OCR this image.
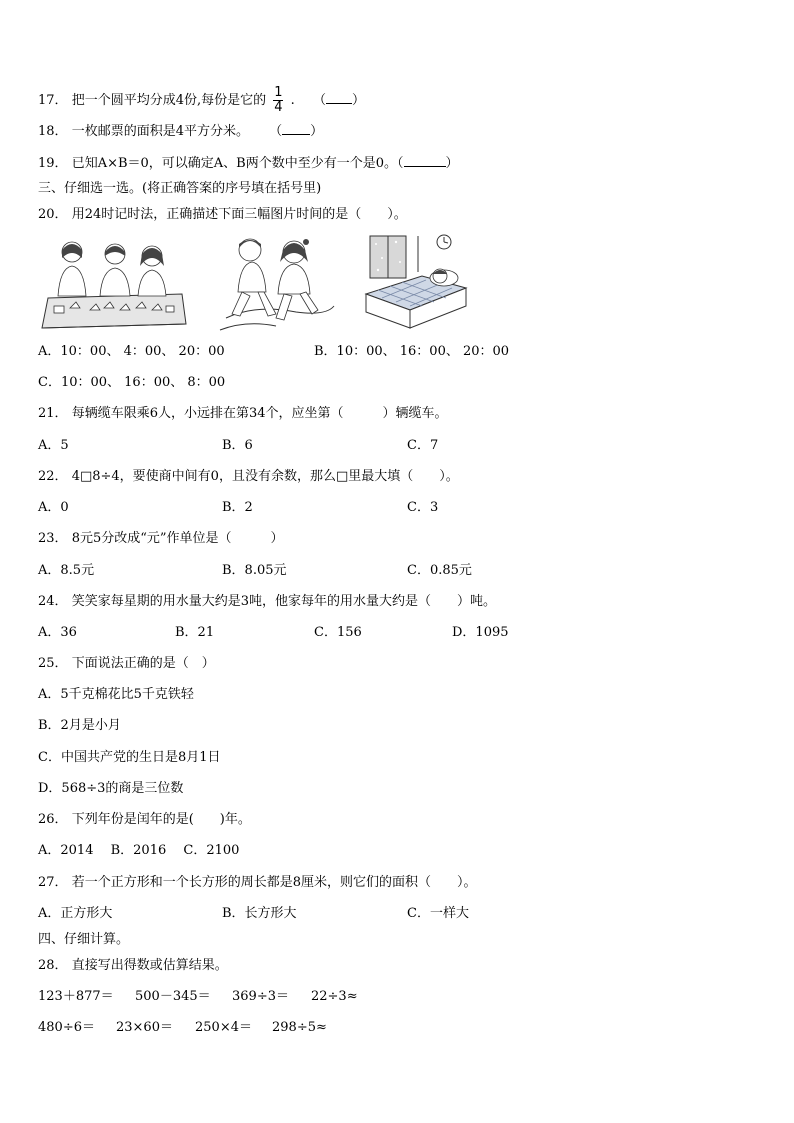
17． 把一个圆平均分成4份,每份是它的 $\frac{1}{4}$ . （ ）
18． 一枚邮票的面积是4平方分米。 （ ）
19． 已知A×B＝0，可以确定A、B两个数中至少有一个是0。（	）
三、仔细选一选。(将正确答案的序号填在括号里)
20． 用24时记时法，正确描述下面三幅图片时间的是（　　）。
A．10：00、 4：00、 20：00	B．10：00、 16：00、 20：00
C．10：00、 16：00、 8：00
21． 每辆缆车限乘6人，小远排在第34个，应坐第（　　　）辆缆车。
A．5	B．6	C．7
22． 4□8÷4，要使商中间有0，且没有余数，那么□里最大填（　　）。
A．0	B．2	C．3
23． 8元5分改成“元”作单位是（　　　）
A．8.5元	B．8.05元	C．0.85元
24． 笑笑家每星期的用水量大约是3吨，他家每年的用水量大约是（　　）吨。
A．36	B．21	C．156	D．1095
25． 下面说法正确的是（　）
A．5千克棉花比5千克铁轻
B．2月是小月
C．中国共产党的生日是8月1日
D．568÷3的商是三位数
26． 下列年份是闰年的是(　　)年。
A．2014　 B．2016　 C．2100
27． 若一个正方形和一个长方形的周长都是8厘米，则它们的面积（　　）。
A．正方形大	B．长方形大	C．一样大
四、仔细计算。
28． 直接写出得数或估算结果。
123＋877＝ 500－345＝ 369÷3＝ 22÷3≈
480÷6＝ 23×60＝ 250×4＝ 298÷5≈
